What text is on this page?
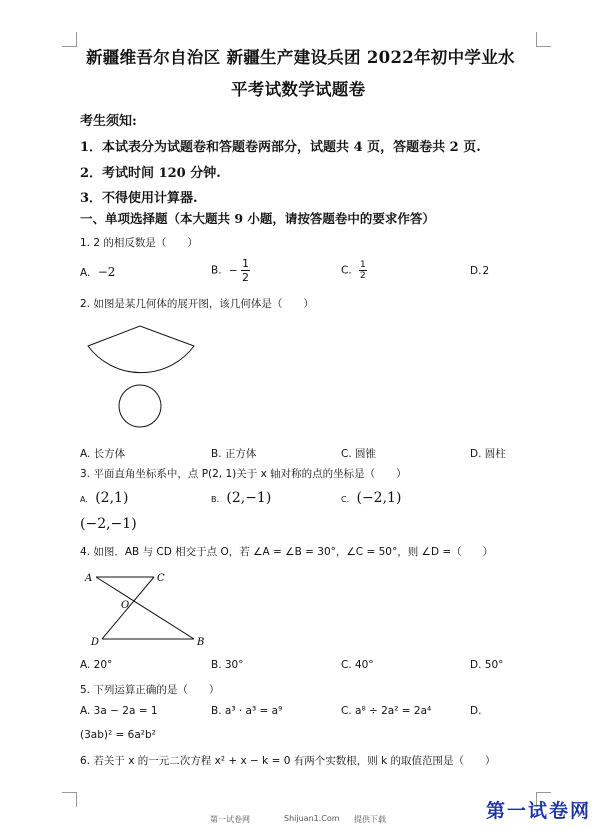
新疆维吾尔自治区 新疆生产建设兵团 2022年初中学业水
平考试数学试题卷
考生须知:
1．本试表分为试题卷和答题卷两部分，试题共 4 页，答题卷共 2 页.
2．考试时间 120 分钟.
3．不得使用计算器.
一、单项选择题（本大题共 9 小题，请按答题卷中的要求作答）
1. 2 的相反数是（　　）
A. −2	B. − $\frac{1}{2}$	C. $\frac{1}{2}$	D.2
2. 如图是某几何体的展开图，该几何体是（　　）
A. 长方体	B. 正方体	C. 圆锥	D. 圆柱
3. 平面直角坐标系中，点 P(2, 1)关于 x 轴对称的点的坐标是（　　）
A. (2,1)	B. (2,−1)	C. (−2,1)
(−2,−1)
4. 如图．AB 与 CD 相交于点 O，若 ∠A = ∠B = 30°，∠C = 50°，则 ∠D =（　　）
A	C
O
D	B
A. 20°	B. 30°	C. 40°	D. 50°
5. 下列运算正确的是（　　）
A. 3a − 2a = 1	B. a³ · a³ = a⁹	C. a⁸ ÷ 2a² = 2a⁴	D.
(3ab)² = 6a²b²
6. 若关于 x 的一元二次方程 x² + x − k = 0 有两个实数根，则 k 的取值范围是（　　）
第一试卷网	Shijuan1.Com 提供下载	第一试卷网
